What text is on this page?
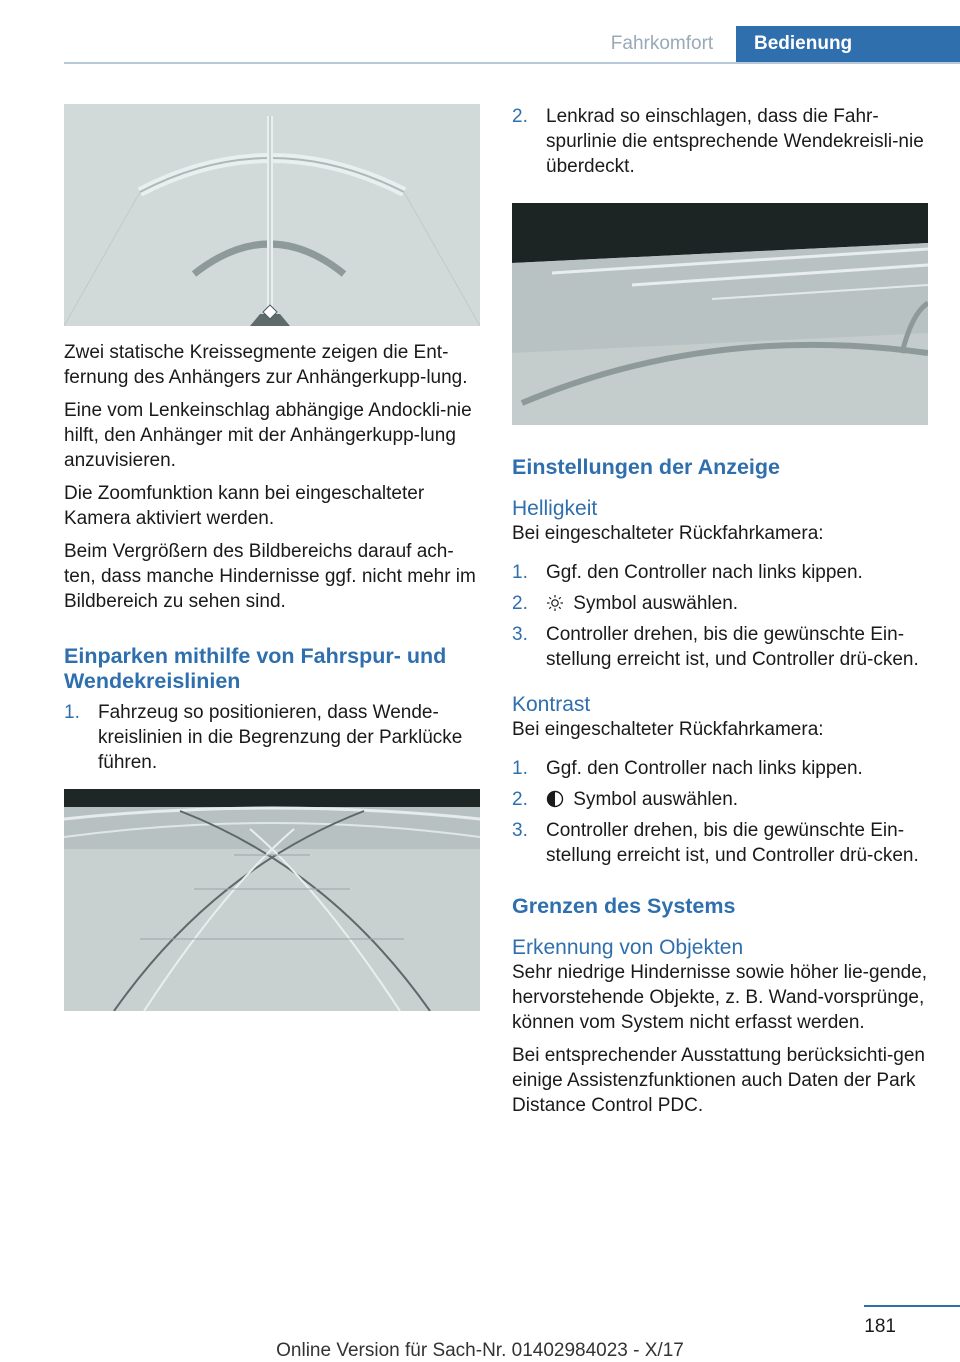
Fahrkomfort	Bedienung

Zwei statische Kreissegmente zeigen die Ent-fernung des Anhängers zur Anhängerkupp-lung.

Eine vom Lenkeinschlag abhängige Andockli-nie hilft, den Anhänger mit der Anhängerkupp-lung anzuvisieren.

Die Zoomfunktion kann bei eingeschalteter Kamera aktiviert werden.

Beim Vergrößern des Bildbereichs darauf ach-ten, dass manche Hindernisse ggf. nicht mehr im Bildbereich zu sehen sind.

Einparken mithilfe von Fahrspur- und Wendekreislinien
1. Fahrzeug so positionieren, dass Wende-kreislinien in die Begrenzung der Parklücke führen.
2. Lenkrad so einschlagen, dass die Fahr-spurlinie die entsprechende Wendekreisli-nie überdeckt.
Einstellungen der Anzeige
Helligkeit

Bei eingeschalteter Rückfahrkamera:

1. Ggf. den Controller nach links kippen.
2. Symbol auswählen.
3. Controller drehen, bis die gewünschte Ein-stellung erreicht ist, und Controller drü-cken.
Kontrast

Bei eingeschalteter Rückfahrkamera:

1. Ggf. den Controller nach links kippen.
2. Symbol auswählen.
3. Controller drehen, bis die gewünschte Ein-stellung erreicht ist, und Controller drü-cken.
Grenzen des Systems
Erkennung von Objekten

Sehr niedrige Hindernisse sowie höher lie-gende, hervorstehende Objekte, z. B. Wand-vorsprünge, können vom System nicht erfasst werden.

Bei entsprechender Ausstattung berücksichti-gen einige Assistenzfunktionen auch Daten der Park Distance Control PDC.

181
Online Version für Sach-Nr. 01402984023 - X/17
